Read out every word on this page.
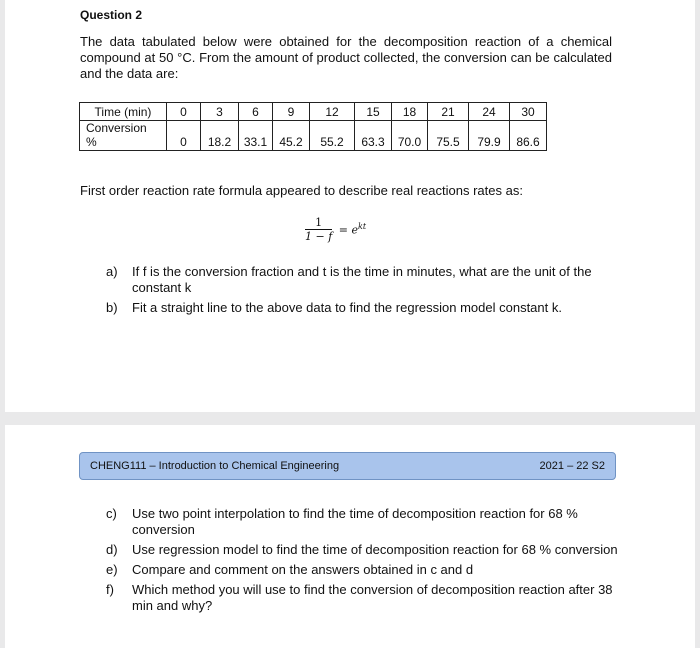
Question 2
The data tabulated below were obtained for the decomposition reaction of a chemical compound at 50 °C. From the amount of product collected, the conversion can be calculated and the data are:
Time (min)	0	3	6	9	12	15	18	21	24	30

Conversion
%	0	18.2	33.1	45.2	55.2	63.3	70.0	75.5	79.9	86.6
First order reaction rate formula appeared to describe real reactions rates as:
$\frac{1}{1 - f} = e^{kt}$
a) If f is the conversion fraction and t is the time in minutes, what are the unit of the constant k
b) Fit a straight line to the above data to find the regression model constant k.
CHENG111 – Introduction to Chemical Engineering	2021 – 22 S2
c) Use two point interpolation to find the time of decomposition reaction for 68 % conversion
d) Use regression model to find the time of decomposition reaction for 68 % conversion
e) Compare and comment on the answers obtained in c and d
f) Which method you will use to find the conversion of decomposition reaction after 38 min and why?
